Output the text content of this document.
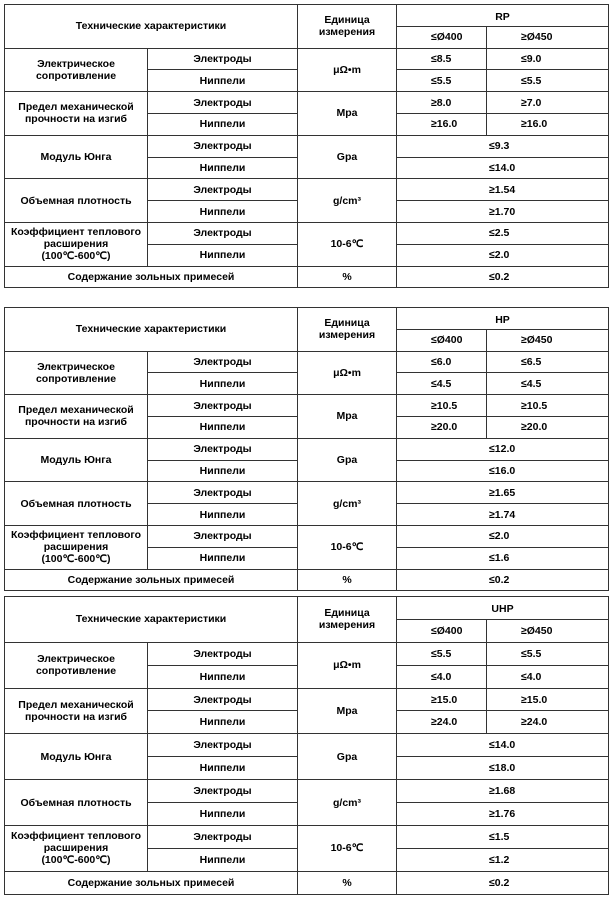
Технические характеристики		Единица
измерения	RP	
			≤Ø400	≥Ø450
Электрическое сопротивление	Электроды	μΩ•m	≤8.5	≤9.0
	Ниппели		≤5.5	≤5.5
Предел механической прочности на изгиб	Электроды	Mpa	≥8.0	≥7.0
	Ниппели		≥16.0	≥16.0
Модуль Юнга	Электроды	Gpa	≤9.3	
	Ниппели		≤14.0	
Объемная плотность	Электроды	g/cm³	≥1.54	
	Ниппели		≥1.70	
Коэффициент теплового расширения (100℃-600℃)	Электроды	10-6℃	≤2.5	
	Ниппели		≤2.0	
Содержание зольных примесей		%	≤0.2	
Технические характеристики		Единица
измерения	HP	
			≤Ø400	≥Ø450
Электрическое сопротивление	Электроды	μΩ•m	≤6.0	≤6.5
	Ниппели		≤4.5	≤4.5
Предел механической прочности на изгиб	Электроды	Mpa	≥10.5	≥10.5
	Ниппели		≥20.0	≥20.0
Модуль Юнга	Электроды	Gpa	≤12.0	
	Ниппели		≤16.0	
Объемная плотность	Электроды	g/cm³	≥1.65	
	Ниппели		≥1.74	
Коэффициент теплового расширения (100℃-600℃)	Электроды	10-6℃	≤2.0	
	Ниппели		≤1.6	
Содержание зольных примесей		%	≤0.2	
Технические характеристики		Единица
измерения	UHP	
			≤Ø400	≥Ø450
Электрическое сопротивление	Электроды	μΩ•m	≤5.5	≤5.5
	Ниппели		≤4.0	≤4.0
Предел механической прочности на изгиб	Электроды	Mpa	≥15.0	≥15.0
	Ниппели		≥24.0	≥24.0
Модуль Юнга	Электроды	Gpa	≤14.0	
	Ниппели		≤18.0	
Объемная плотность	Электроды	g/cm³	≥1.68	
	Ниппели		≥1.76	
Коэффициент теплового расширения (100℃-600℃)	Электроды	10-6℃	≤1.5	
	Ниппели		≤1.2	
Содержание зольных примесей		%	≤0.2	
